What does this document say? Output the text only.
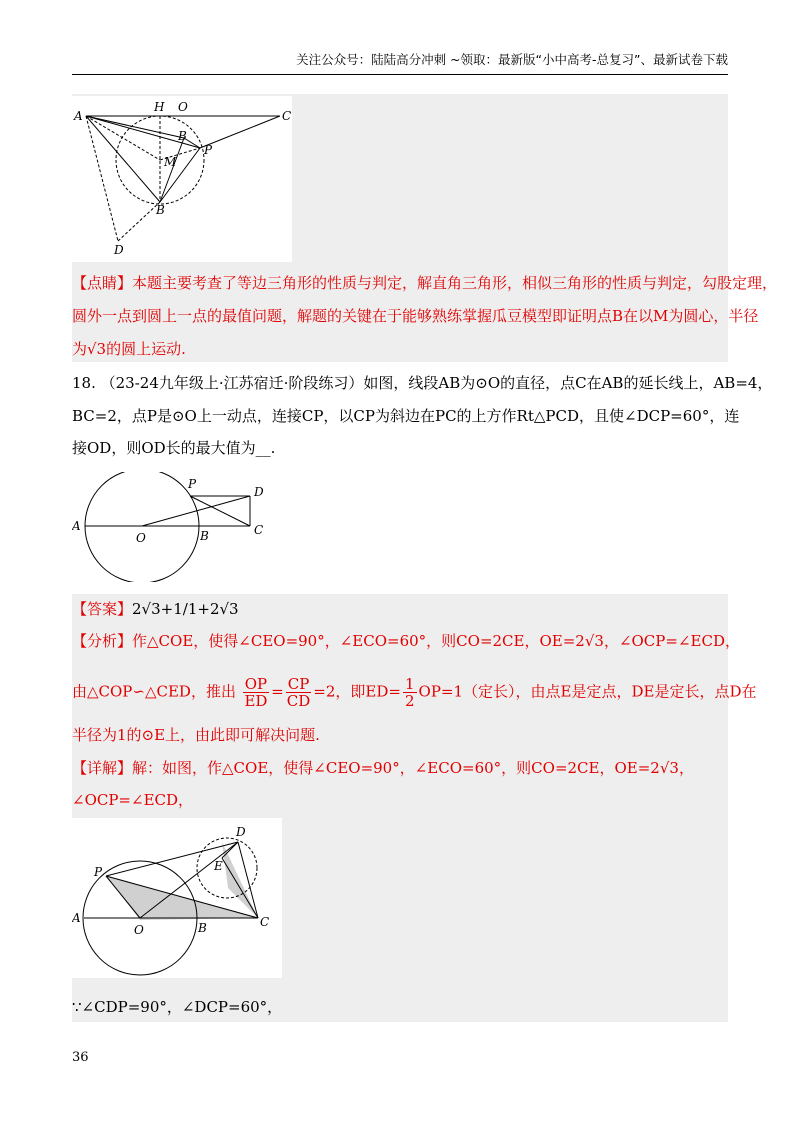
关注公众号：陆陆高分冲刺 ~领取：最新版“小中高考-总复习”、最新试卷下载
A
H O
C
B
P
M
B
D
【点睛】本题主要考查了等边三角形的性质与判定，解直角三角形，相似三角形的性质与判定，勾股定理，
圆外一点到圆上一点的最值问题，解题的关键在于能够熟练掌握瓜豆模型即证明点B在以M为圆心，半径
为√3的圆上运动.
18. （23-24九年级上·江苏宿迁·阶段练习）如图，线段AB为⊙O的直径，点C在AB的延长线上，AB=4，
BC=2，点P是⊙O上一动点，连接CP，以CP为斜边在PC的上方作Rt△PCD，且使∠DCP=60°，连
接OD，则OD长的最大值为__.
P
D
A
O	B	C
【答案】2√3+1/1+2√3
【分析】作△COE，使得∠CEO=90°，∠ECO=60°，则CO=2CE，OE=2√3，∠OCP=∠ECD，
由△COP∽△CED，推出 $\frac{OP}{ED} = \frac{CP}{CD} =2$，即$ED= \frac{1}{2} OP=1$（定长），由点E是定点，DE是定长，点D在
半径为1的⊙E上，由此即可解决问题.
【详解】解：如图，作△COE，使得∠CEO=90°，∠ECO=60°，则CO=2CE，OE=2√3，
∠OCP=∠ECD，
D
P	E
A
O	B	C
∵∠CDP=90°，∠DCP=60°，
36
